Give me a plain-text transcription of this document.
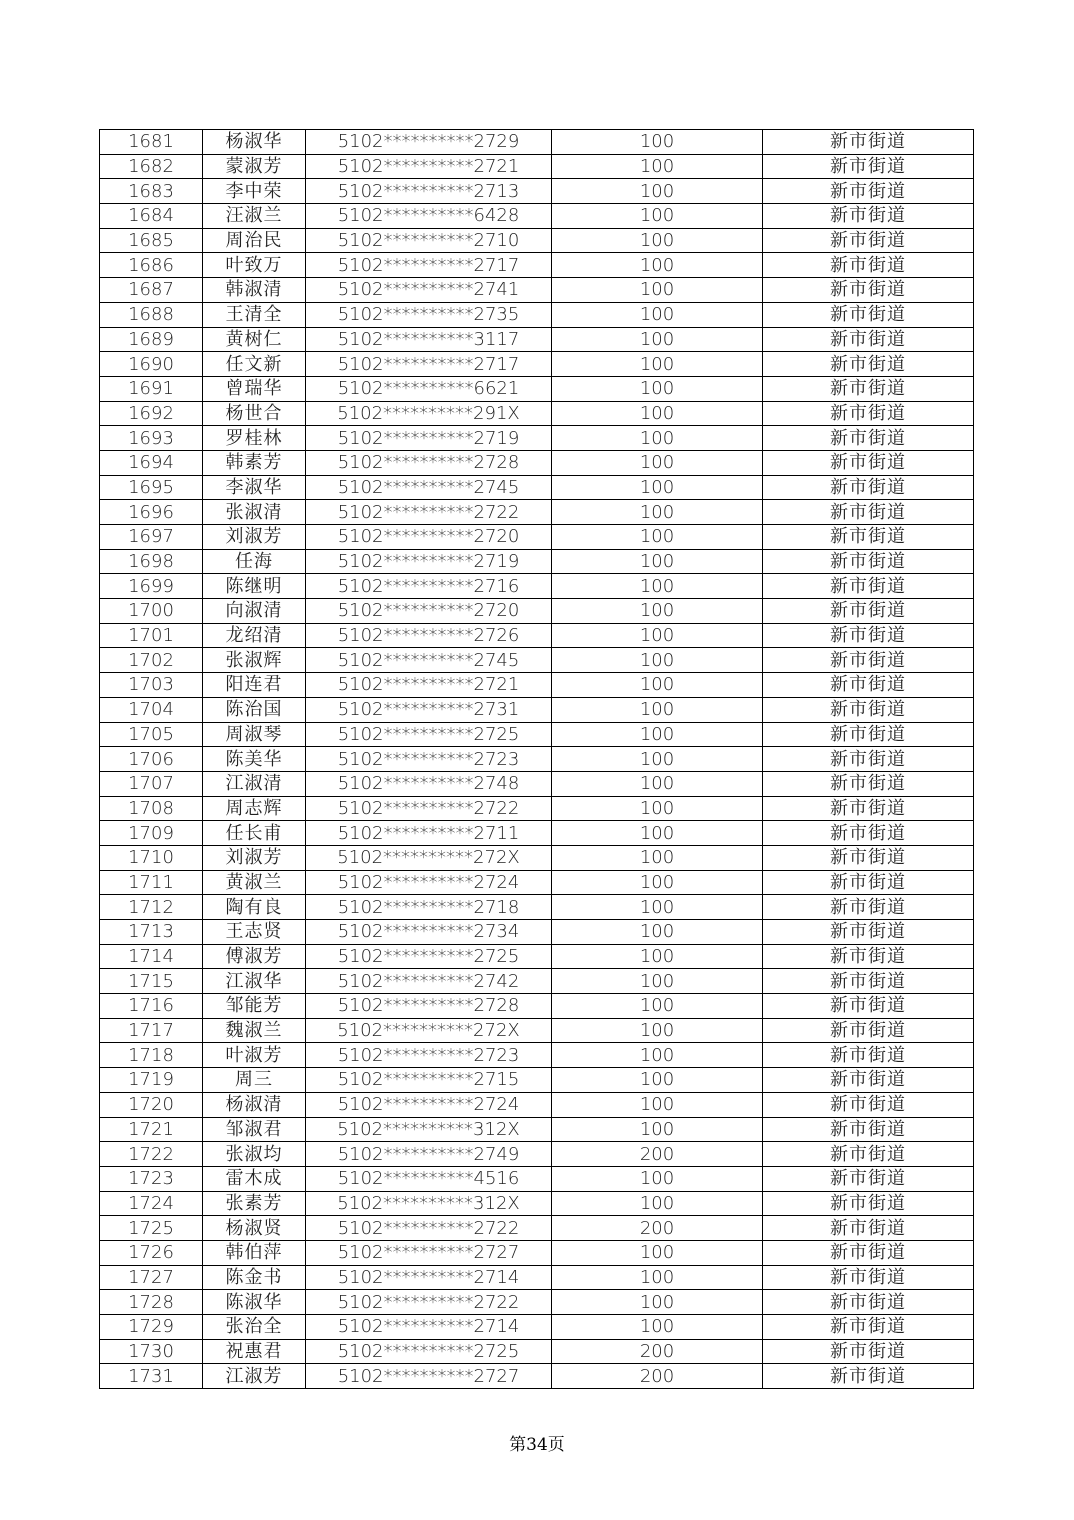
1681	杨淑华	5102**********2729	100	新市街道
1682	蒙淑芳	5102**********2721	100	新市街道
1683	李中荣	5102**********2713	100	新市街道
1684	汪淑兰	5102**********6428	100	新市街道
1685	周治民	5102**********2710	100	新市街道
1686	叶致万	5102**********2717	100	新市街道
1687	韩淑清	5102**********2741	100	新市街道
1688	王清全	5102**********2735	100	新市街道
1689	黄树仁	5102**********3117	100	新市街道
1690	任文新	5102**********2717	100	新市街道
1691	曾瑞华	5102**********6621	100	新市街道
1692	杨世合	5102**********291X	100	新市街道
1693	罗桂林	5102**********2719	100	新市街道
1694	韩素芳	5102**********2728	100	新市街道
1695	李淑华	5102**********2745	100	新市街道
1696	张淑清	5102**********2722	100	新市街道
1697	刘淑芳	5102**********2720	100	新市街道
1698	任海	5102**********2719	100	新市街道
1699	陈继明	5102**********2716	100	新市街道
1700	向淑清	5102**********2720	100	新市街道
1701	龙绍清	5102**********2726	100	新市街道
1702	张淑辉	5102**********2745	100	新市街道
1703	阳连君	5102**********2721	100	新市街道
1704	陈治国	5102**********2731	100	新市街道
1705	周淑琴	5102**********2725	100	新市街道
1706	陈美华	5102**********2723	100	新市街道
1707	江淑清	5102**********2748	100	新市街道
1708	周志辉	5102**********2722	100	新市街道
1709	任长甫	5102**********2711	100	新市街道
1710	刘淑芳	5102**********272X	100	新市街道
1711	黄淑兰	5102**********2724	100	新市街道
1712	陶有良	5102**********2718	100	新市街道
1713	王志贤	5102**********2734	100	新市街道
1714	傅淑芳	5102**********2725	100	新市街道
1715	江淑华	5102**********2742	100	新市街道
1716	邹能芳	5102**********2728	100	新市街道
1717	魏淑兰	5102**********272X	100	新市街道
1718	叶淑芳	5102**********2723	100	新市街道
1719	周三	5102**********2715	100	新市街道
1720	杨淑清	5102**********2724	100	新市街道
1721	邹淑君	5102**********312X	100	新市街道
1722	张淑均	5102**********2749	200	新市街道
1723	雷木成	5102**********4516	100	新市街道
1724	张素芳	5102**********312X	100	新市街道
1725	杨淑贤	5102**********2722	200	新市街道
1726	韩伯萍	5102**********2727	100	新市街道
1727	陈金书	5102**********2714	100	新市街道
1728	陈淑华	5102**********2722	100	新市街道
1729	张治全	5102**********2714	100	新市街道
1730	祝惠君	5102**********2725	200	新市街道
1731	江淑芳	5102**********2727	200	新市街道
第34页
